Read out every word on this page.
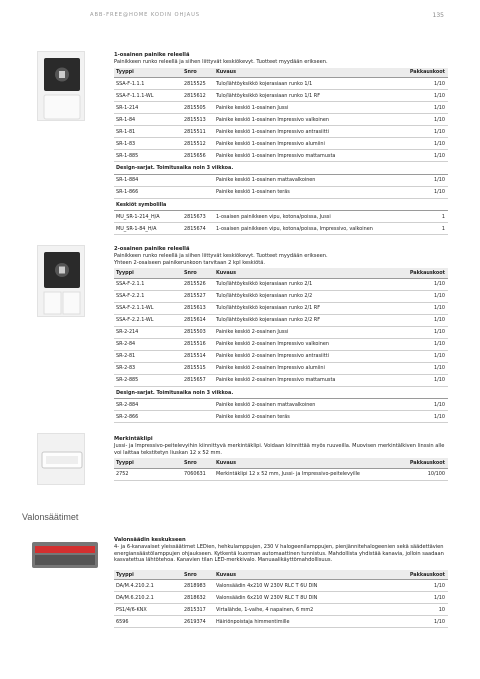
ABB-FREE@HOME KODIN OHJAUS	135
Valonsäätimet
1-osainen painike releellä
Painikkeen runko releellä ja siihen liittyvät keskiökevyt. Tuotteet myydään erikseen.
Tyyppi	Snro	Kuvaus	Pakkauskoot
SSA-F-1.1.1	2815525	Tulo/lähtöyksikkö kojerasiaan runko 1/1	1/10
SSA-F-1.1.1-WL	2815612	Tulo/lähtöyksikkö kojerasiaan runko 1/1 RF	1/10
SR-1-214	2815505	Painike keskiö 1-osainen Jussi	1/10
SR-1-84	2815513	Painike keskiö 1-osainen Impressivo valkoinen	1/10
SR-1-81	2815511	Painike keskiö 1-osainen Impressivo antrasiitti	1/10
SR-1-83	2815512	Painike keskiö 1-osainen Impressivo alumiini	1/10
SR-1-885	2815656	Painike keskiö 1-osainen Impressivo mattamusta	1/10
Design-sarjat. Toimitusaika noin 3 viikkoa.			
SR-1-884		Painike keskiö 1-osainen mattavalkoinen	1/10
SR-1-866		Painike keskiö 1-osainen teräs	1/10
Keskiöt symbolilla			
MU_SR-1-214_H/A	2815673	1-osaisen painikkeen vipu, kotona/poissa, Jussi	1
MU_SR-1-84_H/A	2815674	1-osaisen painikkeen vipu, kotona/poissa, Impressivo, valkoinen	1
2-osainen painike releellä
Painikkeen runko releellä ja siihen liittyvät keskiökevyt. Tuotteet myydään erikseen.
Yhteen 2-osaiseen painikerunkoon tarvitaan 2 kpl keskiötä.
Tyyppi	Snro	Kuvaus	Pakkauskoot
SSA-F-2.1.1	2815526	Tulo/lähtöyksikkö kojerasiaan runko 2/1	1/10
SSA-F-2.2.1	2815527	Tulo/lähtöyksikkö kojerasiaan runko 2/2	1/10
SSA-F-2.1.1-WL	2815613	Tulo/lähtöyksikkö kojerasiaan runko 2/1 RF	1/10
SSA-F-2.2.1-WL	2815614	Tulo/lähtöyksikkö kojerasiaan runko 2/2 RF	1/10
SR-2-214	2815503	Painike keskiö 2-osainen Jussi	1/10
SR-2-84	2815516	Painike keskiö 2-osainen Impressivo valkoinen	1/10
SR-2-81	2815514	Painike keskiö 2-osainen Impressivo antrasiitti	1/10
SR-2-83	2815515	Painike keskiö 2-osainen Impressivo alumiini	1/10
SR-2-885	2815657	Painike keskiö 2-osainen Impressivo mattamusta	1/10
Design-sarjat. Toimitusaika noin 3 viikkoa.			
SR-2-884		Painike keskiö 2-osainen mattavalkoinen	1/10
SR-2-866		Painike keskiö 2-osainen teräs	1/10
Merkintäklipi
Jussi- ja Impressivo-peitelevyihin kiinnittyvä merkintäklipi. Voidaan kiinnittää myös ruuveilla. Muovisen merkintälkiven linssin alle voi laittaa tekstitetyn liuskan 12 x 52 mm.
Tyyppi	Snro	Kuvaus	Pakkauskoot
2752	7060631	Merkintäklipi 12 x 52 mm, Jussi- ja Impressivo-peitelevyille	10/100
Valonsäädin keskukseen
4- ja 6-kanavaiset yleissäätimet LEDien, hehkulamppujen, 230 V halogeenilamppujen, pienjännitehalogeenien sekä säädettävien energiansäästölamppujen ohjaukseen. Kytkentä kuorman automaattinen tunnistus. Mahdollista yhdistää kanavia, jolloin saadaan kasvatettua lähtötehoa. Kanavien tilan LED-merkkivalo. Manuaalikäyttömahdollisuus.
Tyyppi	Snro	Kuvaus	Pakkauskoot
DA/M.4.210.2.1	2818983	Valonsäädin 4x210 W 230V RLC T 6U DIN	1/10
DA/M.6.210.2.1	2818632	Valonsäädin 6x210 W 230V RLC T 8U DIN	1/10
PS1/4/6-KNX	2815317	Virtalähde, 1-vaihe, 4 napainen, 6 mm2	10
6596	2619374	Häiriönpoistaja himmentimille	1/10
